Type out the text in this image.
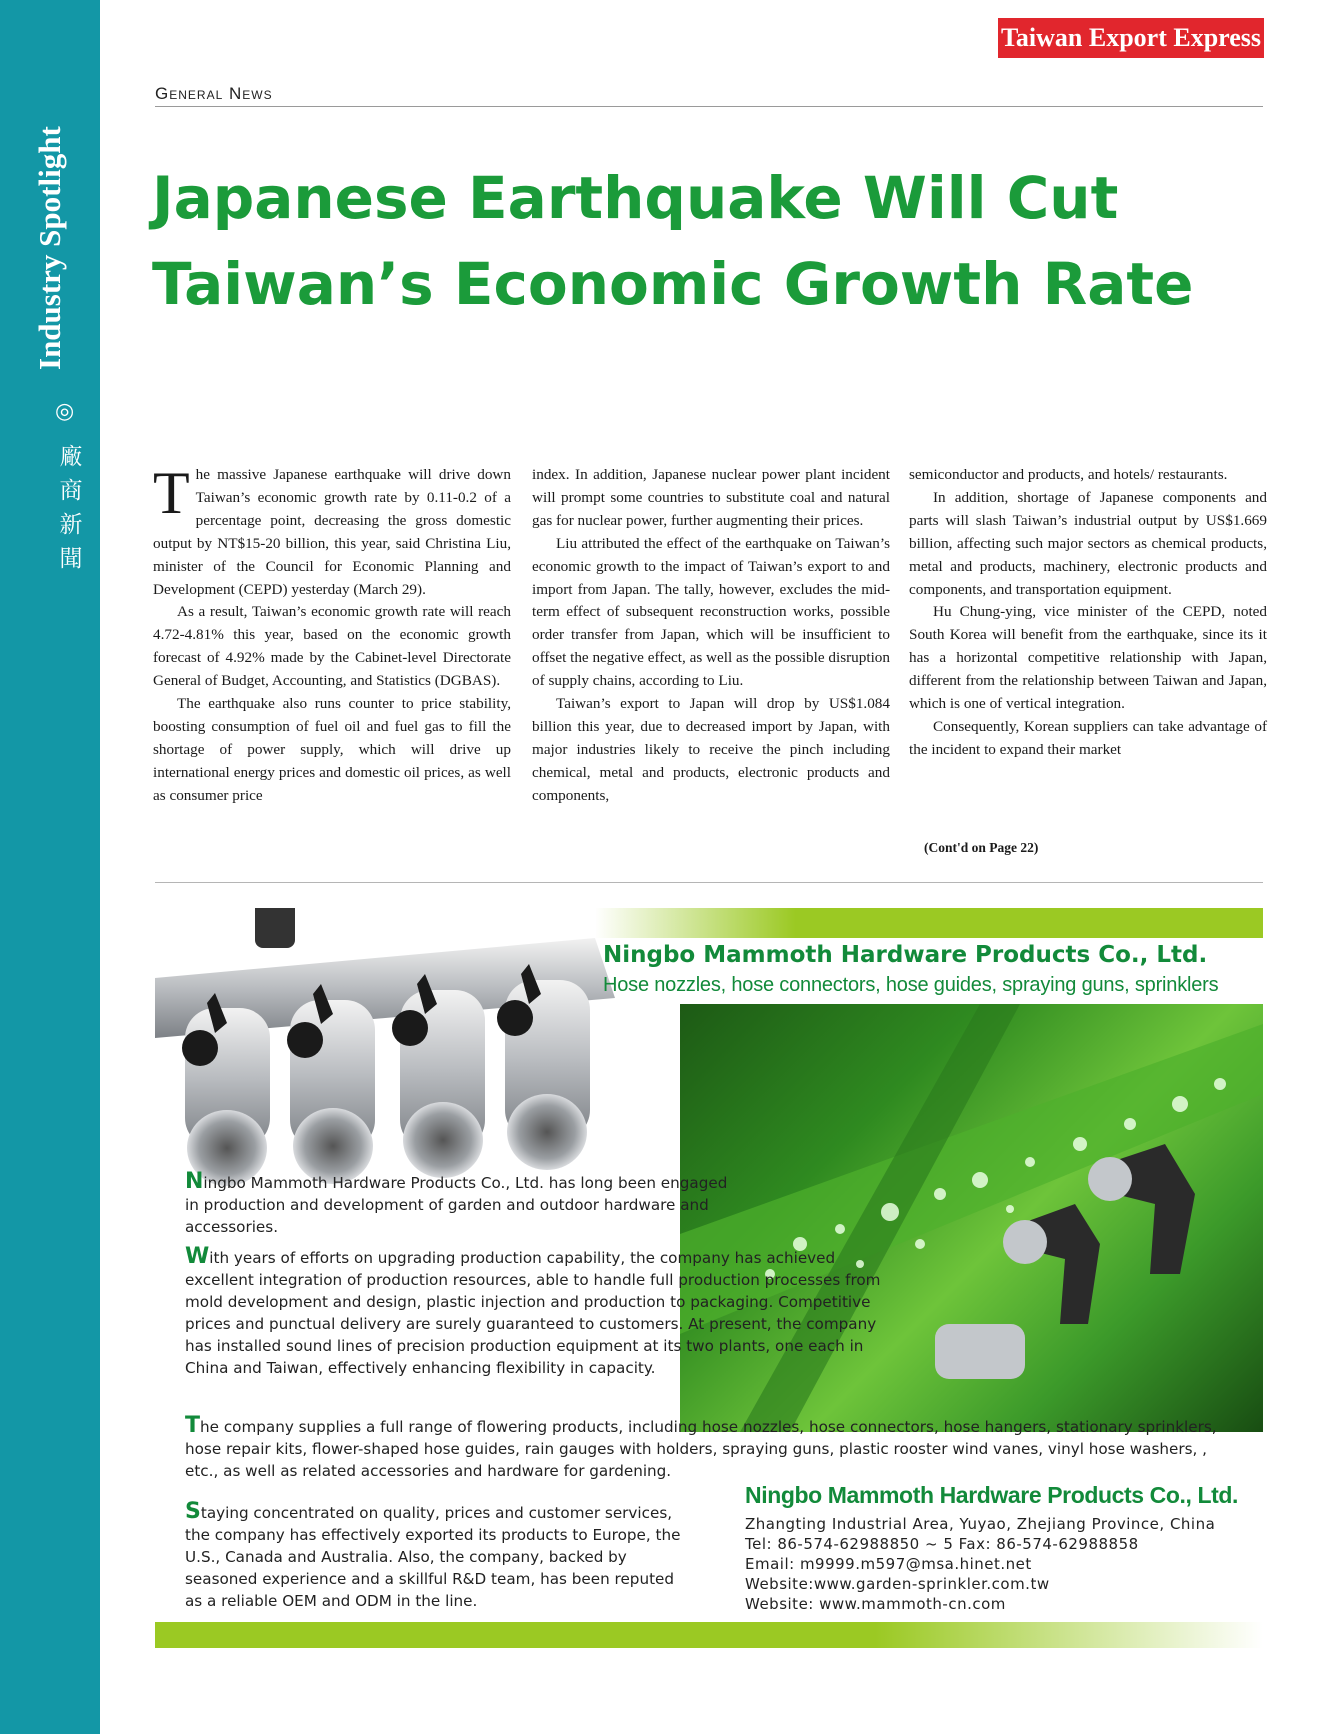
Industry Spotlight
◎
廠
商
新
聞
Taiwan Export Express
General News
Japanese Earthquake Will Cut
Taiwan’s Economic Growth Rate

The massive Japanese earthquake will drive down Taiwan’s economic growth rate by 0.11-0.2 of a percentage point, decreasing the gross domestic output by NT$15-20 billion, this year, said Christina Liu, minister of the Council for Economic Planning and Development (CEPD) yesterday (March 29).

As a result, Taiwan’s economic growth rate will reach 4.72-4.81% this year, based on the economic growth forecast of 4.92% made by the Cabinet-level Directorate General of Budget, Accounting, and Statistics (DGBAS).

The earthquake also runs counter to price stability, boosting consumption of fuel oil and fuel gas to fill the shortage of power supply, which will drive up international energy prices and domestic oil prices, as well as consumer price

index. In addition, Japanese nuclear power plant incident will prompt some countries to substitute coal and natural gas for nuclear power, further augmenting their prices.

Liu attributed the effect of the earthquake on Taiwan’s economic growth to the impact of Taiwan’s export to and import from Japan. The tally, however, excludes the mid-term effect of subsequent reconstruction works, possible order transfer from Japan, which will be insufficient to offset the negative effect, as well as the possible disruption of supply chains, according to Liu.

Taiwan’s export to Japan will drop by US$1.084 billion this year, due to decreased import by Japan, with major industries likely to receive the pinch including chemical, metal and products, electronic products and components,

semiconductor and products, and hotels/ restaurants.

In addition, shortage of Japanese components and parts will slash Taiwan’s industrial output by US$1.669 billion, affecting such major sectors as chemical products, metal and products, machinery, electronic products and components, and transportation equipment.

Hu Chung-ying, vice minister of the CEPD, noted South Korea will benefit from the earthquake, since its it has a horizontal competitive relationship with Japan, different from the relationship between Taiwan and Japan, which is one of vertical integration.

Consequently, Korean suppliers can take advantage of the incident to expand their market

(Cont'd on Page 22)
Ningbo Mammoth Hardware Products Co., Ltd.
Hose nozzles, hose connectors, hose guides, spraying guns, sprinklers
Ningbo Mammoth Hardware Products Co., Ltd. has long been engaged in production and development of garden and outdoor hardware and accessories.
With years of efforts on upgrading production capability, the company has achieved excellent integration of production resources, able to handle full production processes from mold development and design, plastic injection and production to packaging. Competitive prices and punctual delivery are surely guaranteed to customers. At present, the company has installed sound lines of precision production equipment at its two plants, one each in China and Taiwan, effectively enhancing flexibility in capacity.
The company supplies a full range of flowering products, including hose nozzles, hose connectors, hose hangers, stationary sprinklers, hose repair kits, flower-shaped hose guides, rain gauges with holders, spraying guns, plastic rooster wind vanes, vinyl hose washers, , etc., as well as related accessories and hardware for gardening.
Staying concentrated on quality, prices and customer services, the company has effectively exported its products to Europe, the U.S., Canada and Australia. Also, the company, backed by seasoned experience and a skillful R&D team, has been reputed as a reliable OEM and ODM in the line.
Ningbo Mammoth Hardware Products Co., Ltd.
Zhangting Industrial Area, Yuyao, Zhejiang Province, China
Tel: 86-574-62988850 ~ 5 Fax: 86-574-62988858
Email: m9999.m597@msa.hinet.net
Website:www.garden-sprinkler.com.tw
Website: www.mammoth-cn.com
